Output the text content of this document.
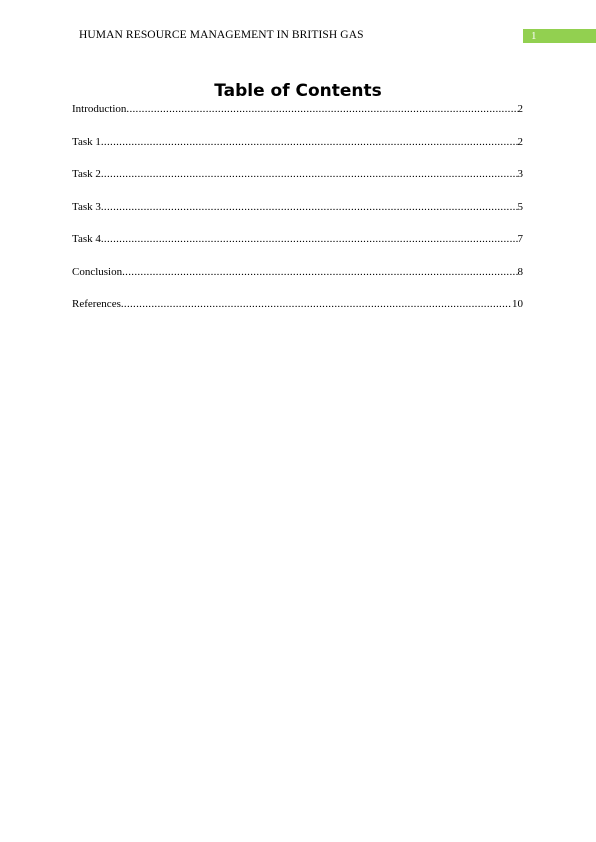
HUMAN RESOURCE MANAGEMENT IN BRITISH GAS	1
Table of Contents
Introduction .....	2
Task 1 .....	2
Task 2 .....	3
Task 3 .....	5
Task 4 .....	7
Conclusion .....	8
References .....	10
